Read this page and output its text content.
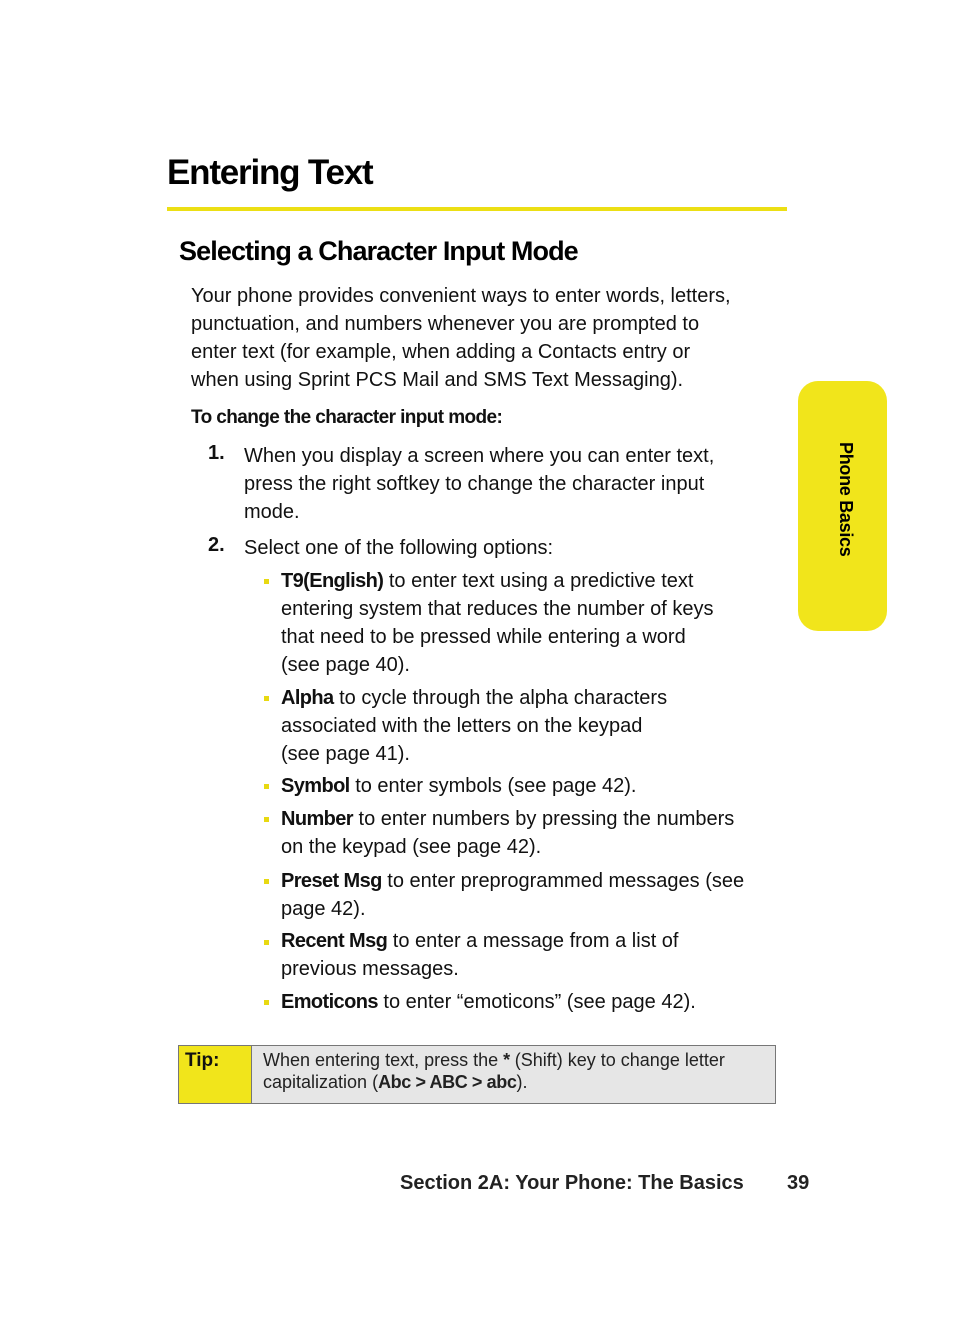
Entering Text
Selecting a Character Input Mode
Your phone provides convenient ways to enter words, letters,
punctuation, and numbers whenever you are prompted to
enter text (for example, when adding a Contacts entry or
when using Sprint PCS Mail and SMS Text Messaging).
To change the character input mode:
1. When you display a screen where you can enter text,
press the right softkey to change the character input
mode.
2. Select one of the following options:
T9(English) to enter text using a predictive text
entering system that reduces the number of keys
that need to be pressed while entering a word
(see page 40).
Alpha to cycle through the alpha characters
associated with the letters on the keypad
(see page 41).
Symbol to enter symbols (see page 42).
Number to enter numbers by pressing the numbers
on the keypad (see page 42).
Preset Msg to enter preprogrammed messages (see
page 42).
Recent Msg to enter a message from a list of
previous messages.
Emoticons to enter “emoticons” (see page 42).
Tip: When entering text, press the * (Shift) key to change letter
capitalization (Abc > ABC > abc).
Phone Basics
Section 2A: Your Phone: The Basics 39
